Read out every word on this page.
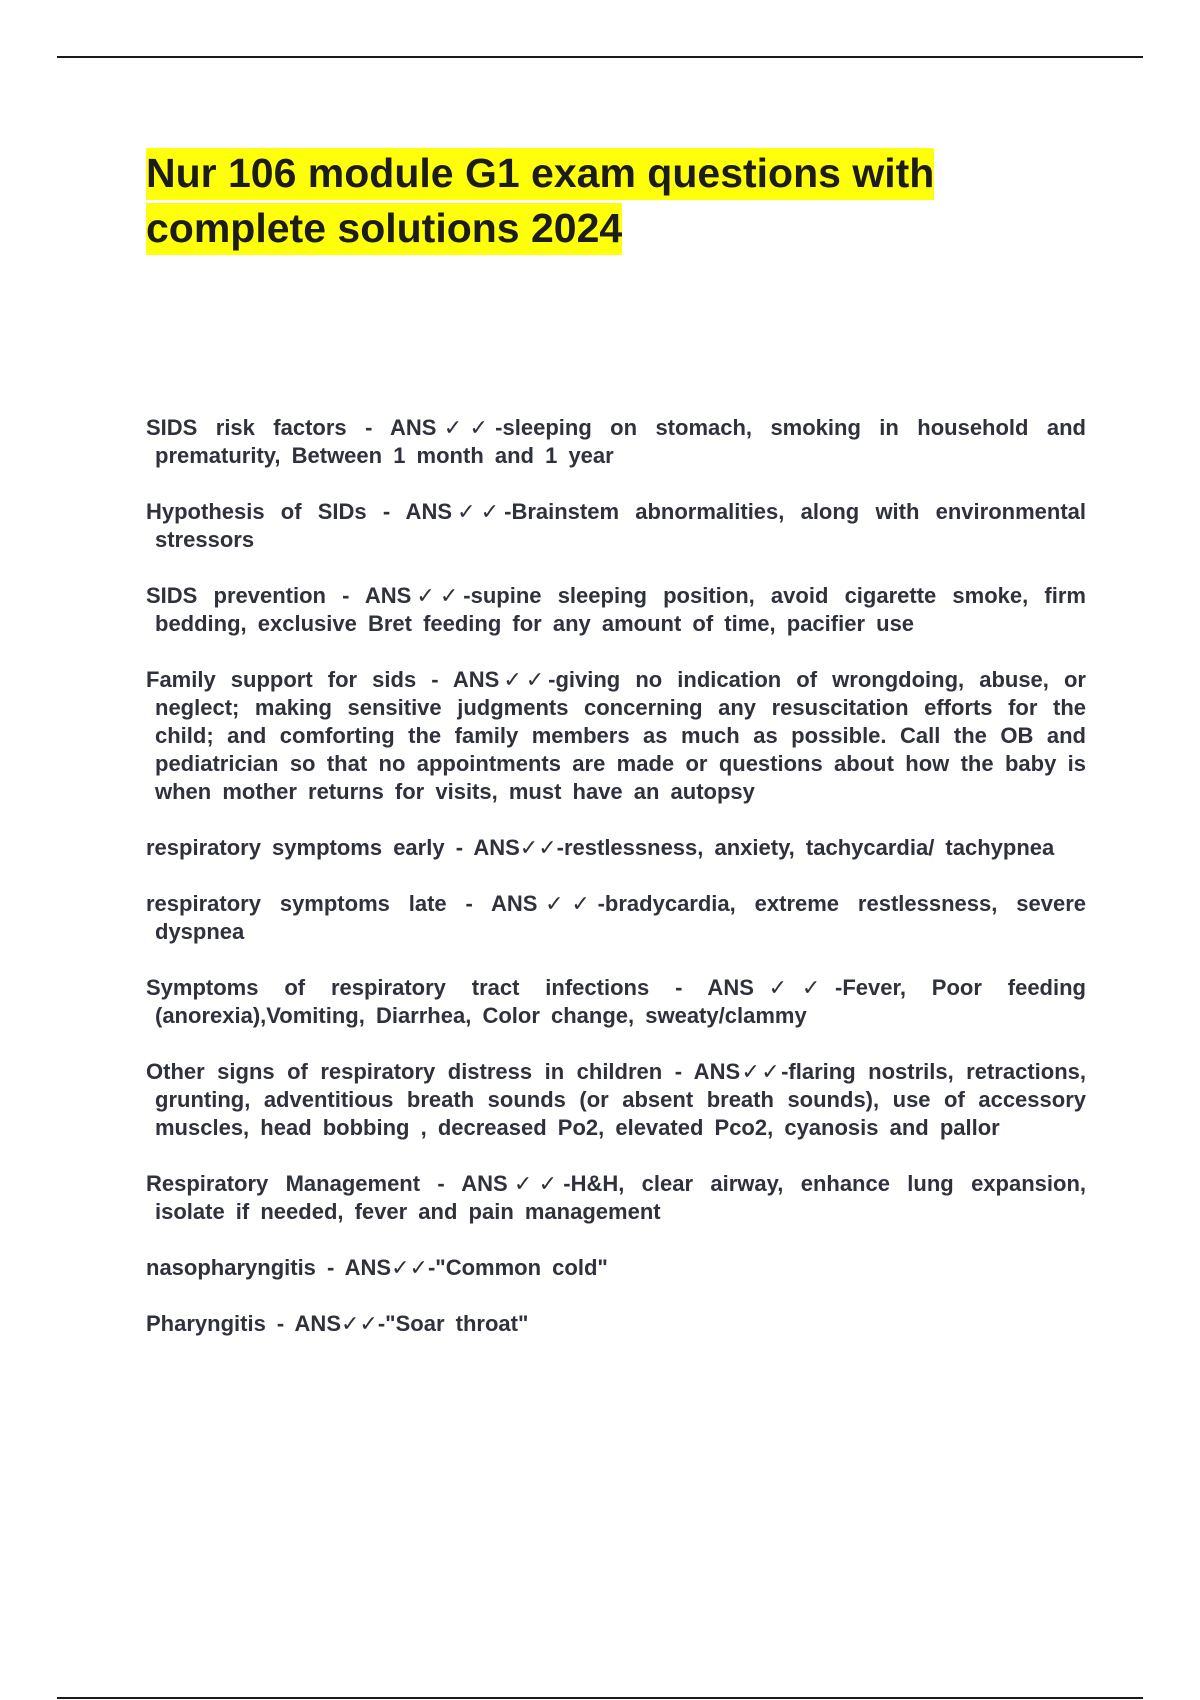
Nur 106 module G1 exam questions with complete solutions 2024
SIDS risk factors - ANS✓✓-sleeping on stomach, smoking in household and prematurity, Between 1 month and 1 year
Hypothesis of SIDs - ANS✓✓-Brainstem abnormalities, along with environmental stressors
SIDS prevention - ANS✓✓-supine sleeping position, avoid cigarette smoke, firm bedding, exclusive Bret feeding for any amount of time, pacifier use
Family support for sids - ANS✓✓-giving no indication of wrongdoing, abuse, or neglect; making sensitive judgments concerning any resuscitation efforts for the child; and comforting the family members as much as possible. Call the OB and pediatrician so that no appointments are made or questions about how the baby is when mother returns for visits, must have an autopsy
respiratory symptoms early - ANS✓✓-restlessness, anxiety, tachycardia/ tachypnea
respiratory symptoms late - ANS✓✓-bradycardia, extreme restlessness, severe dyspnea
Symptoms of respiratory tract infections - ANS✓✓-Fever, Poor feeding (anorexia),Vomiting, Diarrhea, Color change, sweaty/clammy
Other signs of respiratory distress in children - ANS✓✓-flaring nostrils, retractions, grunting, adventitious breath sounds (or absent breath sounds), use of accessory muscles, head bobbing , decreased Po2, elevated Pco2, cyanosis and pallor
Respiratory Management - ANS✓✓-H&H, clear airway, enhance lung expansion, isolate if needed, fever and pain management
nasopharyngitis - ANS✓✓-"Common cold"
Pharyngitis - ANS✓✓-"Soar throat"
